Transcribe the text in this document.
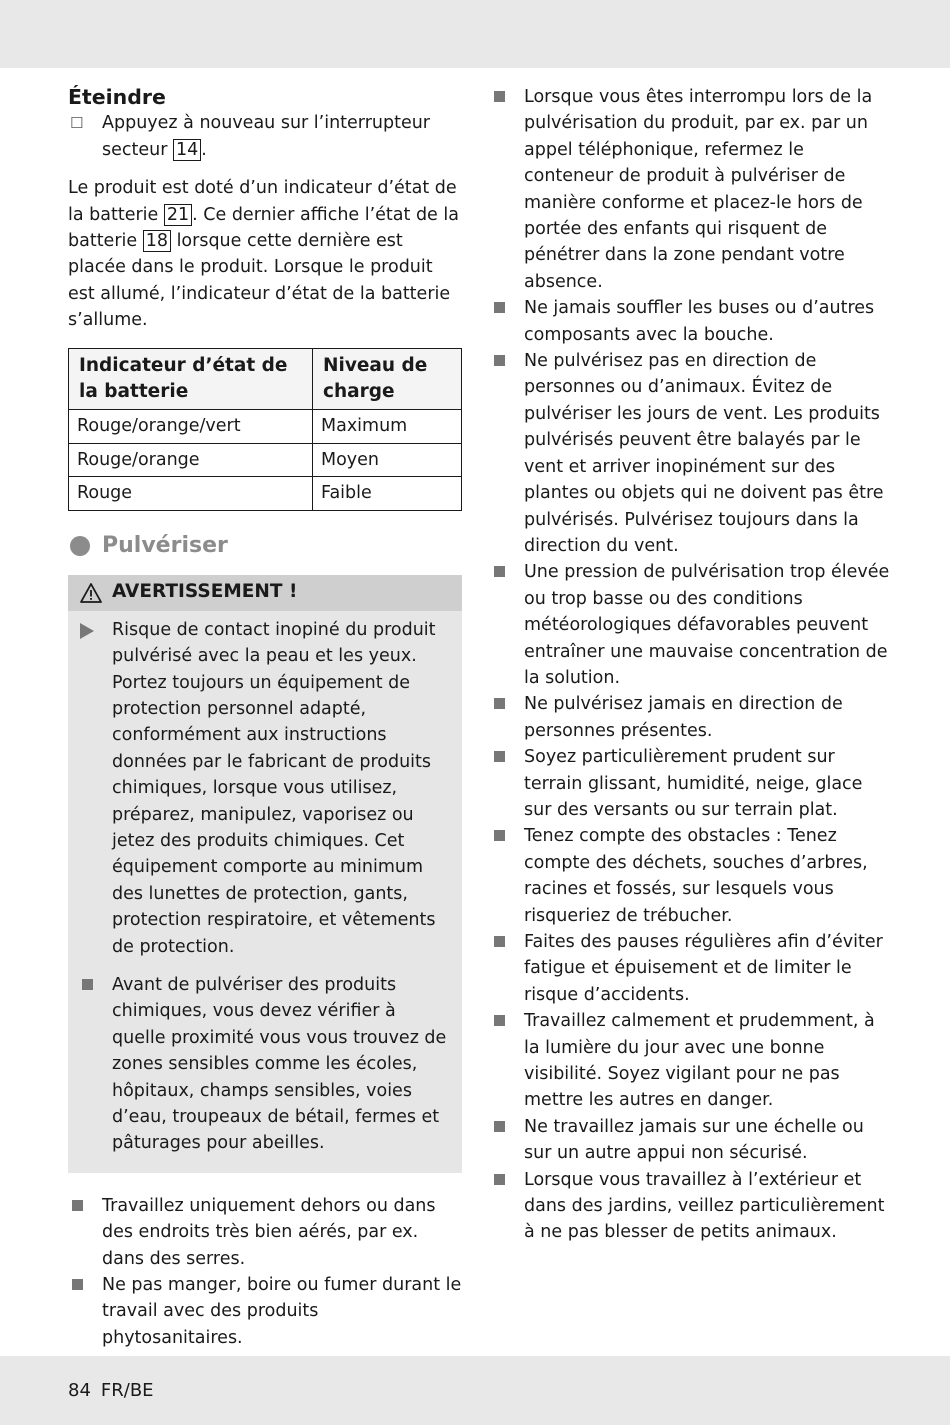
Éteindre
☐ Appuyez à nouveau sur l’interrupteur secteur 14 .

Le produit est doté d’un indicateur d’état de la batterie 21 . Ce dernier affiche l’état de la batterie 18 lorsque cette dernière est placée dans le produit. Lorsque le produit est allumé, l’indicateur d’état de la batterie s’allume.

Indicateur d’état de la batterie	Niveau de charge
Rouge/orange/vert	Maximum
Rouge/orange	Moyen
Rouge	Faible
Pulvériser
AVERTISSEMENT !
Risque de contact inopiné du produit pulvérisé avec la peau et les yeux. Portez toujours un équipement de protection personnel adapté, conformément aux instructions données par le fabricant de produits chimiques, lorsque vous utilisez, préparez, manipulez, vaporisez ou jetez des produits chimiques. Cet équipement comporte au minimum des lunettes de protection, gants, protection respiratoire, et vêtements de protection.
Avant de pulvériser des produits chimiques, vous devez vérifier à quelle proximité vous vous trouvez de zones sensibles comme les écoles, hôpitaux, champs sensibles, voies d’eau, troupeaux de bétail, fermes et pâturages pour abeilles.
Travaillez uniquement dehors ou dans des endroits très bien aérés, par ex. dans des serres.
Ne pas manger, boire ou fumer durant le travail avec des produits phytosanitaires.
Lorsque vous êtes interrompu lors de la pulvérisation du produit, par ex. par un appel téléphonique, refermez le conteneur de produit à pulvériser de manière conforme et placez-le hors de portée des enfants qui risquent de pénétrer dans la zone pendant votre absence.
Ne jamais souffler les buses ou d’autres composants avec la bouche.
Ne pulvérisez pas en direction de personnes ou d’animaux. Évitez de pulvériser les jours de vent. Les produits pulvérisés peuvent être balayés par le vent et arriver inopinément sur des plantes ou objets qui ne doivent pas être pulvérisés. Pulvérisez toujours dans la direction du vent.
Une pression de pulvérisation trop élevée ou trop basse ou des conditions météorologiques défavorables peuvent entraîner une mauvaise concentration de la solution.
Ne pulvérisez jamais en direction de personnes présentes.
Soyez particulièrement prudent sur terrain glissant, humidité, neige, glace sur des versants ou sur terrain plat.
Tenez compte des obstacles : Tenez compte des déchets, souches d’arbres, racines et fossés, sur lesquels vous risqueriez de trébucher.
Faites des pauses régulières afin d’éviter fatigue et épuisement et de limiter le risque d’accidents.
Travaillez calmement et prudemment, à la lumière du jour avec une bonne visibilité. Soyez vigilant pour ne pas mettre les autres en danger.
Ne travaillez jamais sur une échelle ou sur un autre appui non sécurisé.
Lorsque vous travaillez à l’extérieur et dans des jardins, veillez particulièrement à ne pas blesser de petits animaux.
84 FR/BE
